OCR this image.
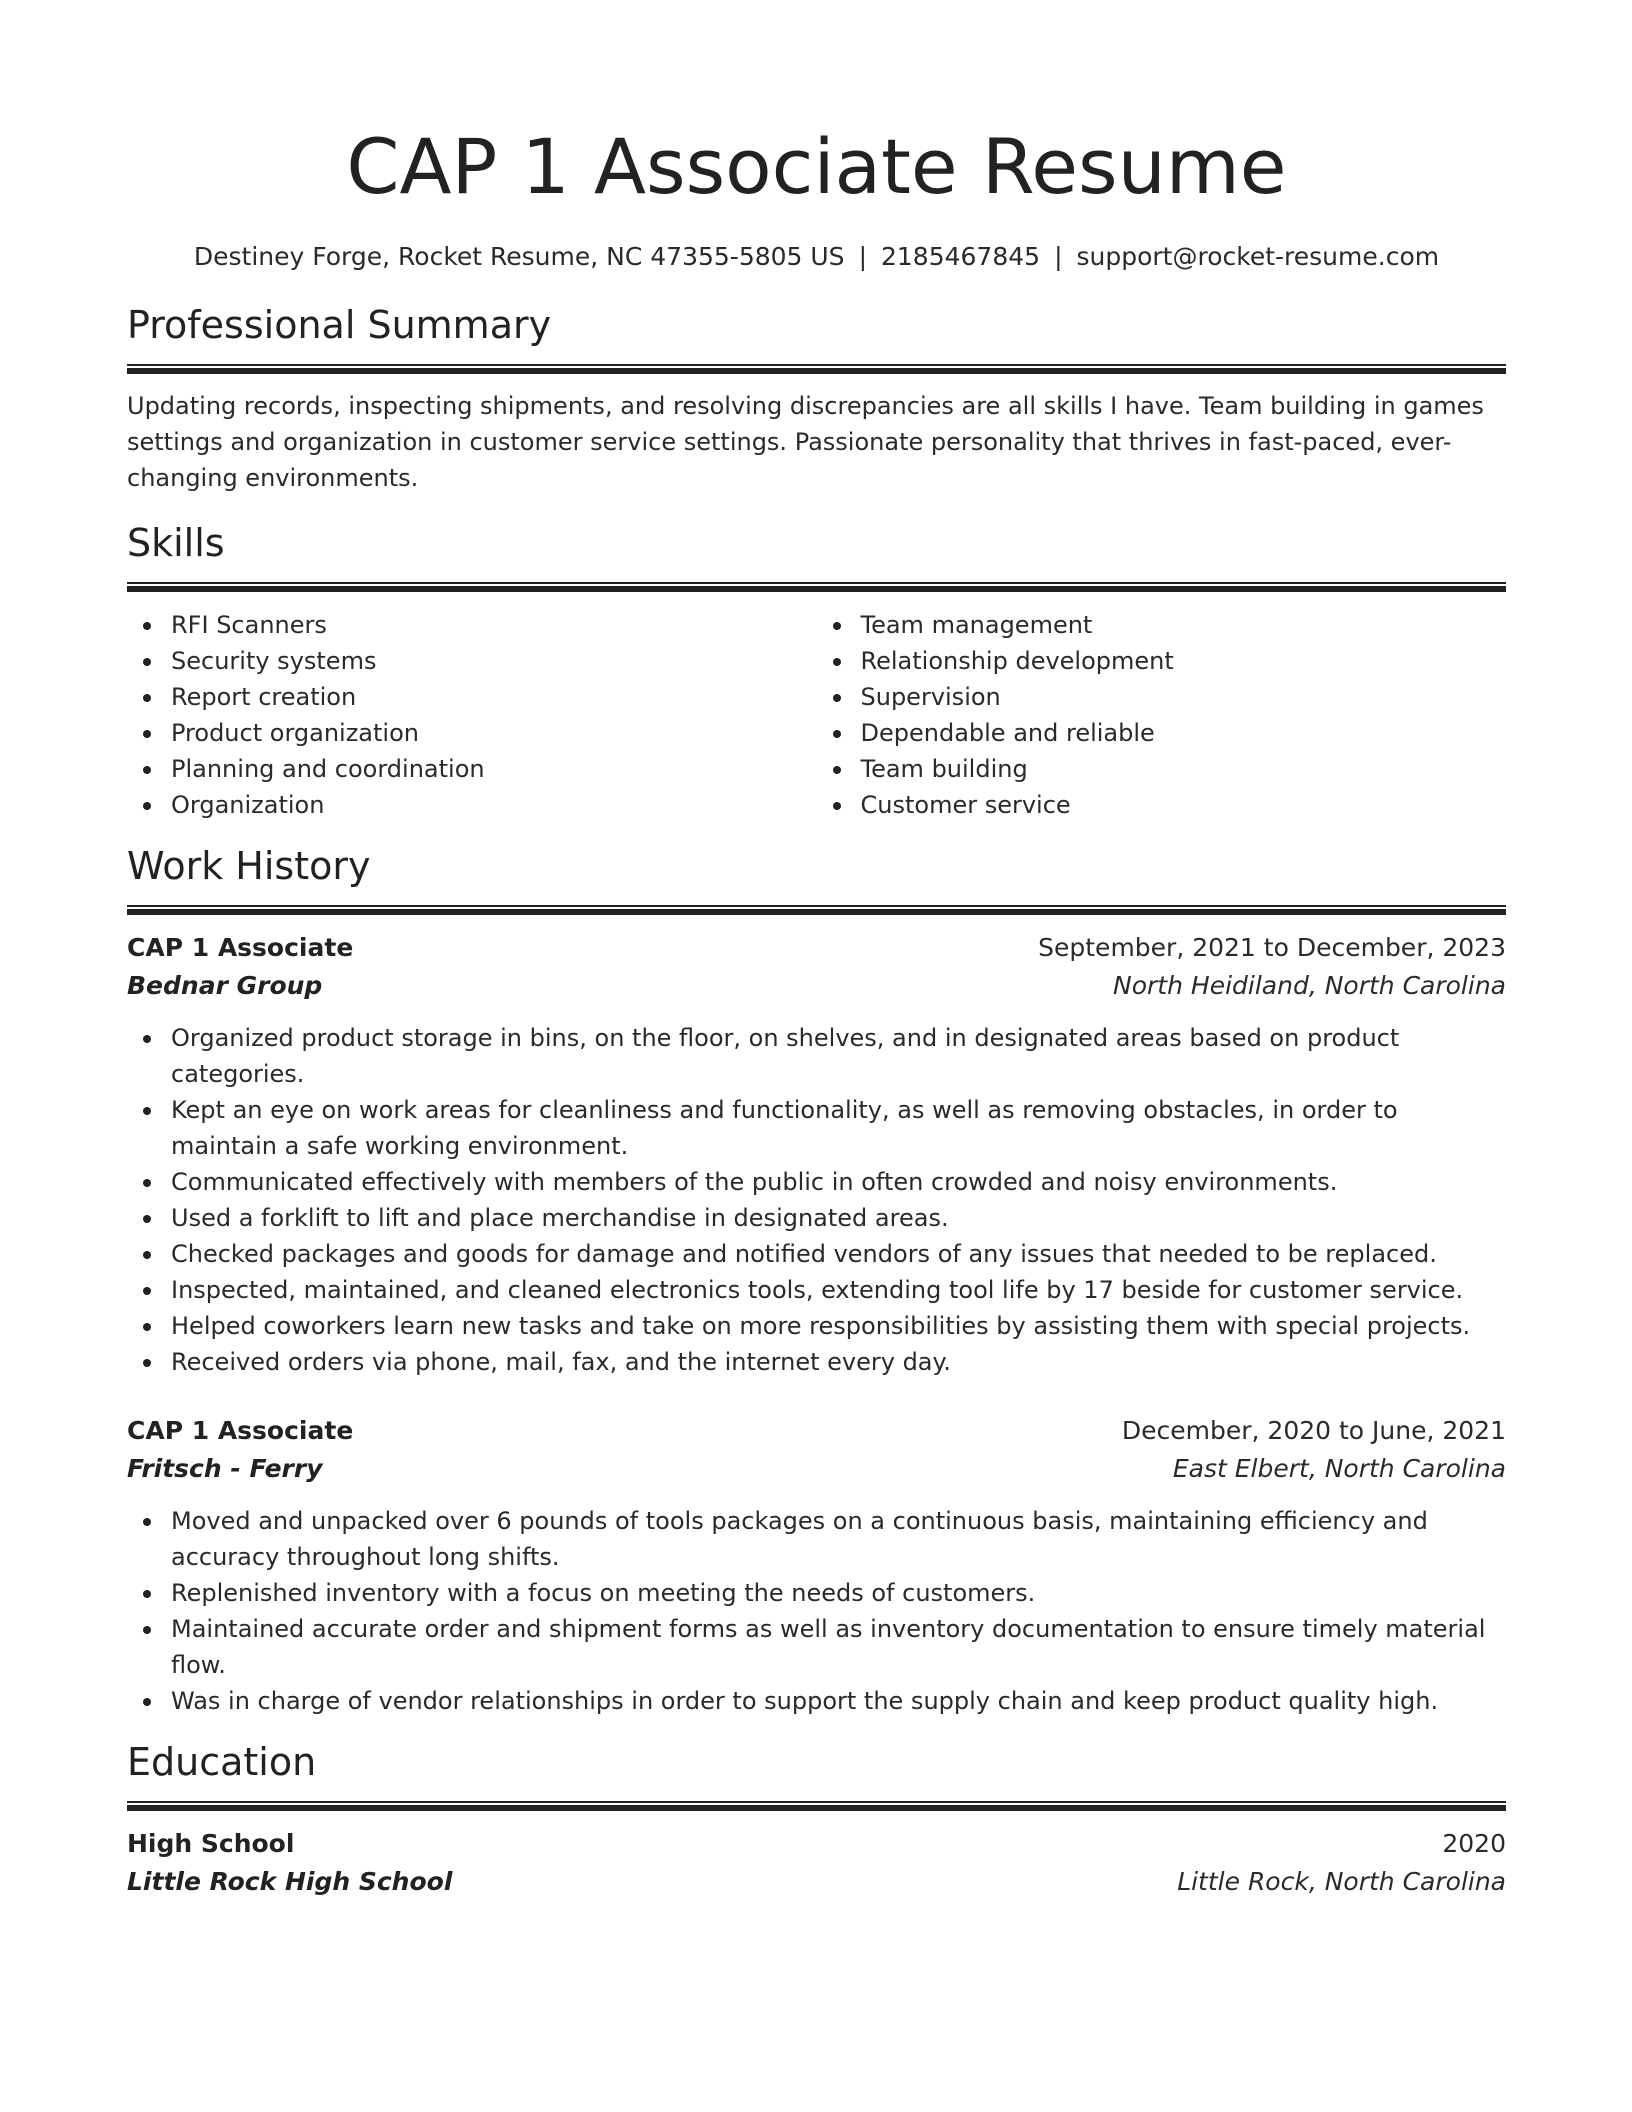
CAP 1 Associate Resume
Destiney Forge, Rocket Resume, NC 47355-5805 US | 2185467845 | support@rocket-resume.com
Professional Summary

Updating records, inspecting shipments, and resolving discrepancies are all skills I have. Team building in games settings and organization in customer service settings. Passionate personality that thrives in fast-paced, ever-changing environments.

Skills
RFI Scanners
Security systems
Report creation
Product organization
Planning and coordination
Organization
Team management
Relationship development
Supervision
Dependable and reliable
Team building
Customer service
Work History
CAP 1 Associate	September, 2021 to December, 2023
Bednar Group	North Heidiland, North Carolina
Organized product storage in bins, on the floor, on shelves, and in designated areas based on product categories.
Kept an eye on work areas for cleanliness and functionality, as well as removing obstacles, in order to maintain a safe working environment.
Communicated effectively with members of the public in often crowded and noisy environments.
Used a forklift to lift and place merchandise in designated areas.
Checked packages and goods for damage and notified vendors of any issues that needed to be replaced.
Inspected, maintained, and cleaned electronics tools, extending tool life by 17 beside for customer service.
Helped coworkers learn new tasks and take on more responsibilities by assisting them with special projects.
Received orders via phone, mail, fax, and the internet every day.
CAP 1 Associate	December, 2020 to June, 2021
Fritsch - Ferry	East Elbert, North Carolina
Moved and unpacked over 6 pounds of tools packages on a continuous basis, maintaining efficiency and accuracy throughout long shifts.
Replenished inventory with a focus on meeting the needs of customers.
Maintained accurate order and shipment forms as well as inventory documentation to ensure timely material flow.
Was in charge of vendor relationships in order to support the supply chain and keep product quality high.
Education
High School	2020
Little Rock High School	Little Rock, North Carolina
